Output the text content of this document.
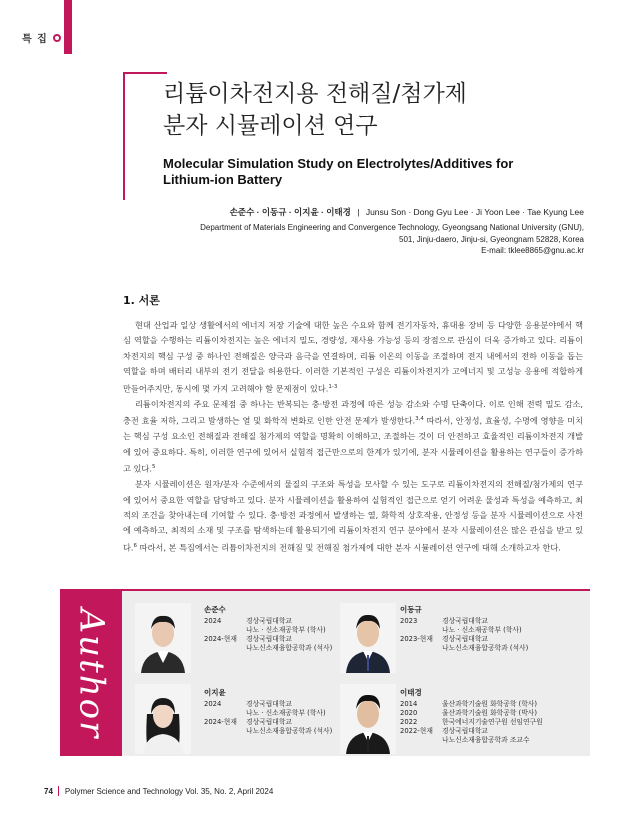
특 집
리튬이차전지용 전해질/첨가제
분자 시뮬레이션 연구
Molecular Simulation Study on Electrolytes/Additives for
Lithium-ion Battery
손준수 · 이동규 · 이지윤 · 이태경 | Junsu Son · Dong Gyu Lee · Ji Yoon Lee · Tae Kyung Lee
Department of Materials Engineering and Convergence Technology, Gyeongsang National University (GNU),
501, Jinju-daero, Jinju-si, Gyeongnam 52828, Korea
E-mail: tklee8865@gnu.ac.kr
1. 서론

현대 산업과 일상 생활에서의 에너지 저장 기술에 대한 높은 수요와 함께 전기자동차, 휴대용 장비 등 다양한 응용분야에서 핵심 역할을 수행하는 리튬이차전지는 높은 에너지 밀도, 경량성, 재사용 가능성 등의 장점으로 관심이 더욱 증가하고 있다. 리튬이차전지의 핵심 구성 중 하나인 전해질은 양극과 음극을 연결하며, 리튬 이온의 이동을 조절하며 전지 내에서의 전하 이동을 돕는 역할을 하며 배터리 내부의 전기 전달을 허용한다. 이러한 기본적인 구성은 리튬이차전지가 고에너지 및 고성능 응용에 적합하게 만들어주지만, 동시에 몇 가지 고려해야 할 문제점이 있다.$^{1-3}$

리튬이차전지의 주요 문제점 중 하나는 반복되는 충·방전 과정에 따른 성능 감소와 수명 단축이다. 이로 인해 전력 밀도 감소, 충전 효율 저하, 그리고 발생하는 열 및 화학적 변화로 인한 안전 문제가 발생한다.$^{3,4}$ 따라서, 안정성, 효율성, 수명에 영향을 미치는 핵심 구성 요소인 전해질과 전해질 첨가제의 역할을 명확히 이해하고, 조절하는 것이 더 안전하고 효율적인 리튬이차전지 개발에 있어 중요하다. 특히, 이러한 연구에 있어서 실험적 접근만으로의 한계가 있기에, 분자 시뮬레이션을 활용하는 연구들이 증가하고 있다.$^5$

분자 시뮬레이션은 원자/분자 수준에서의 물질의 구조와 특성을 모사할 수 있는 도구로 리튬이차전지의 전해질/첨가제의 연구에 있어서 중요한 역할을 담당하고 있다. 분자 시뮬레이션을 활용하여 실험적인 접근으로 얻기 어려운 물성과 특성을 예측하고, 최적의 조건을 찾아내는데 기여할 수 있다. 충·방전 과정에서 발생하는 열, 화학적 상호작용, 안정성 등을 분자 시뮬레이션으로 사전에 예측하고, 최적의 소재 및 구조를 탐색하는데 활용되기에 리튬이차전지 연구 분야에서 분자 시뮬레이션은 많은 관심을 받고 있다.$^6$ 따라서, 본 특집에서는 리튬이차전지의 전해질 및 전해질 첨가제에 대한 분자 시뮬레이션 연구에 대해 소개하고자 한다.

Author	손준수
2024	경상국립대학교
나노 · 신소재공학부 (학사)
2024-현재	경상국립대학교
나노신소재융합공학과 (석사)
이동규
2023	경상국립대학교
나노 · 신소재공학부 (학사)
2023-현재	경상국립대학교
나노신소재융합공학과 (석사)
이지윤
2024	경상국립대학교
나노 · 신소재공학부 (학사)
2024-현재	경상국립대학교
나노신소재융합공학과 (석사)
이태경
2014	울산과학기술원 화학공학 (학사)
2020	울산과학기술원 화학공학 (박사)
2022	한국에너지기술연구원 선임연구원
2022-현재	경상국립대학교
나노신소재융합공학과 조교수
74 Polymer Science and Technology Vol. 35, No. 2, April 2024
